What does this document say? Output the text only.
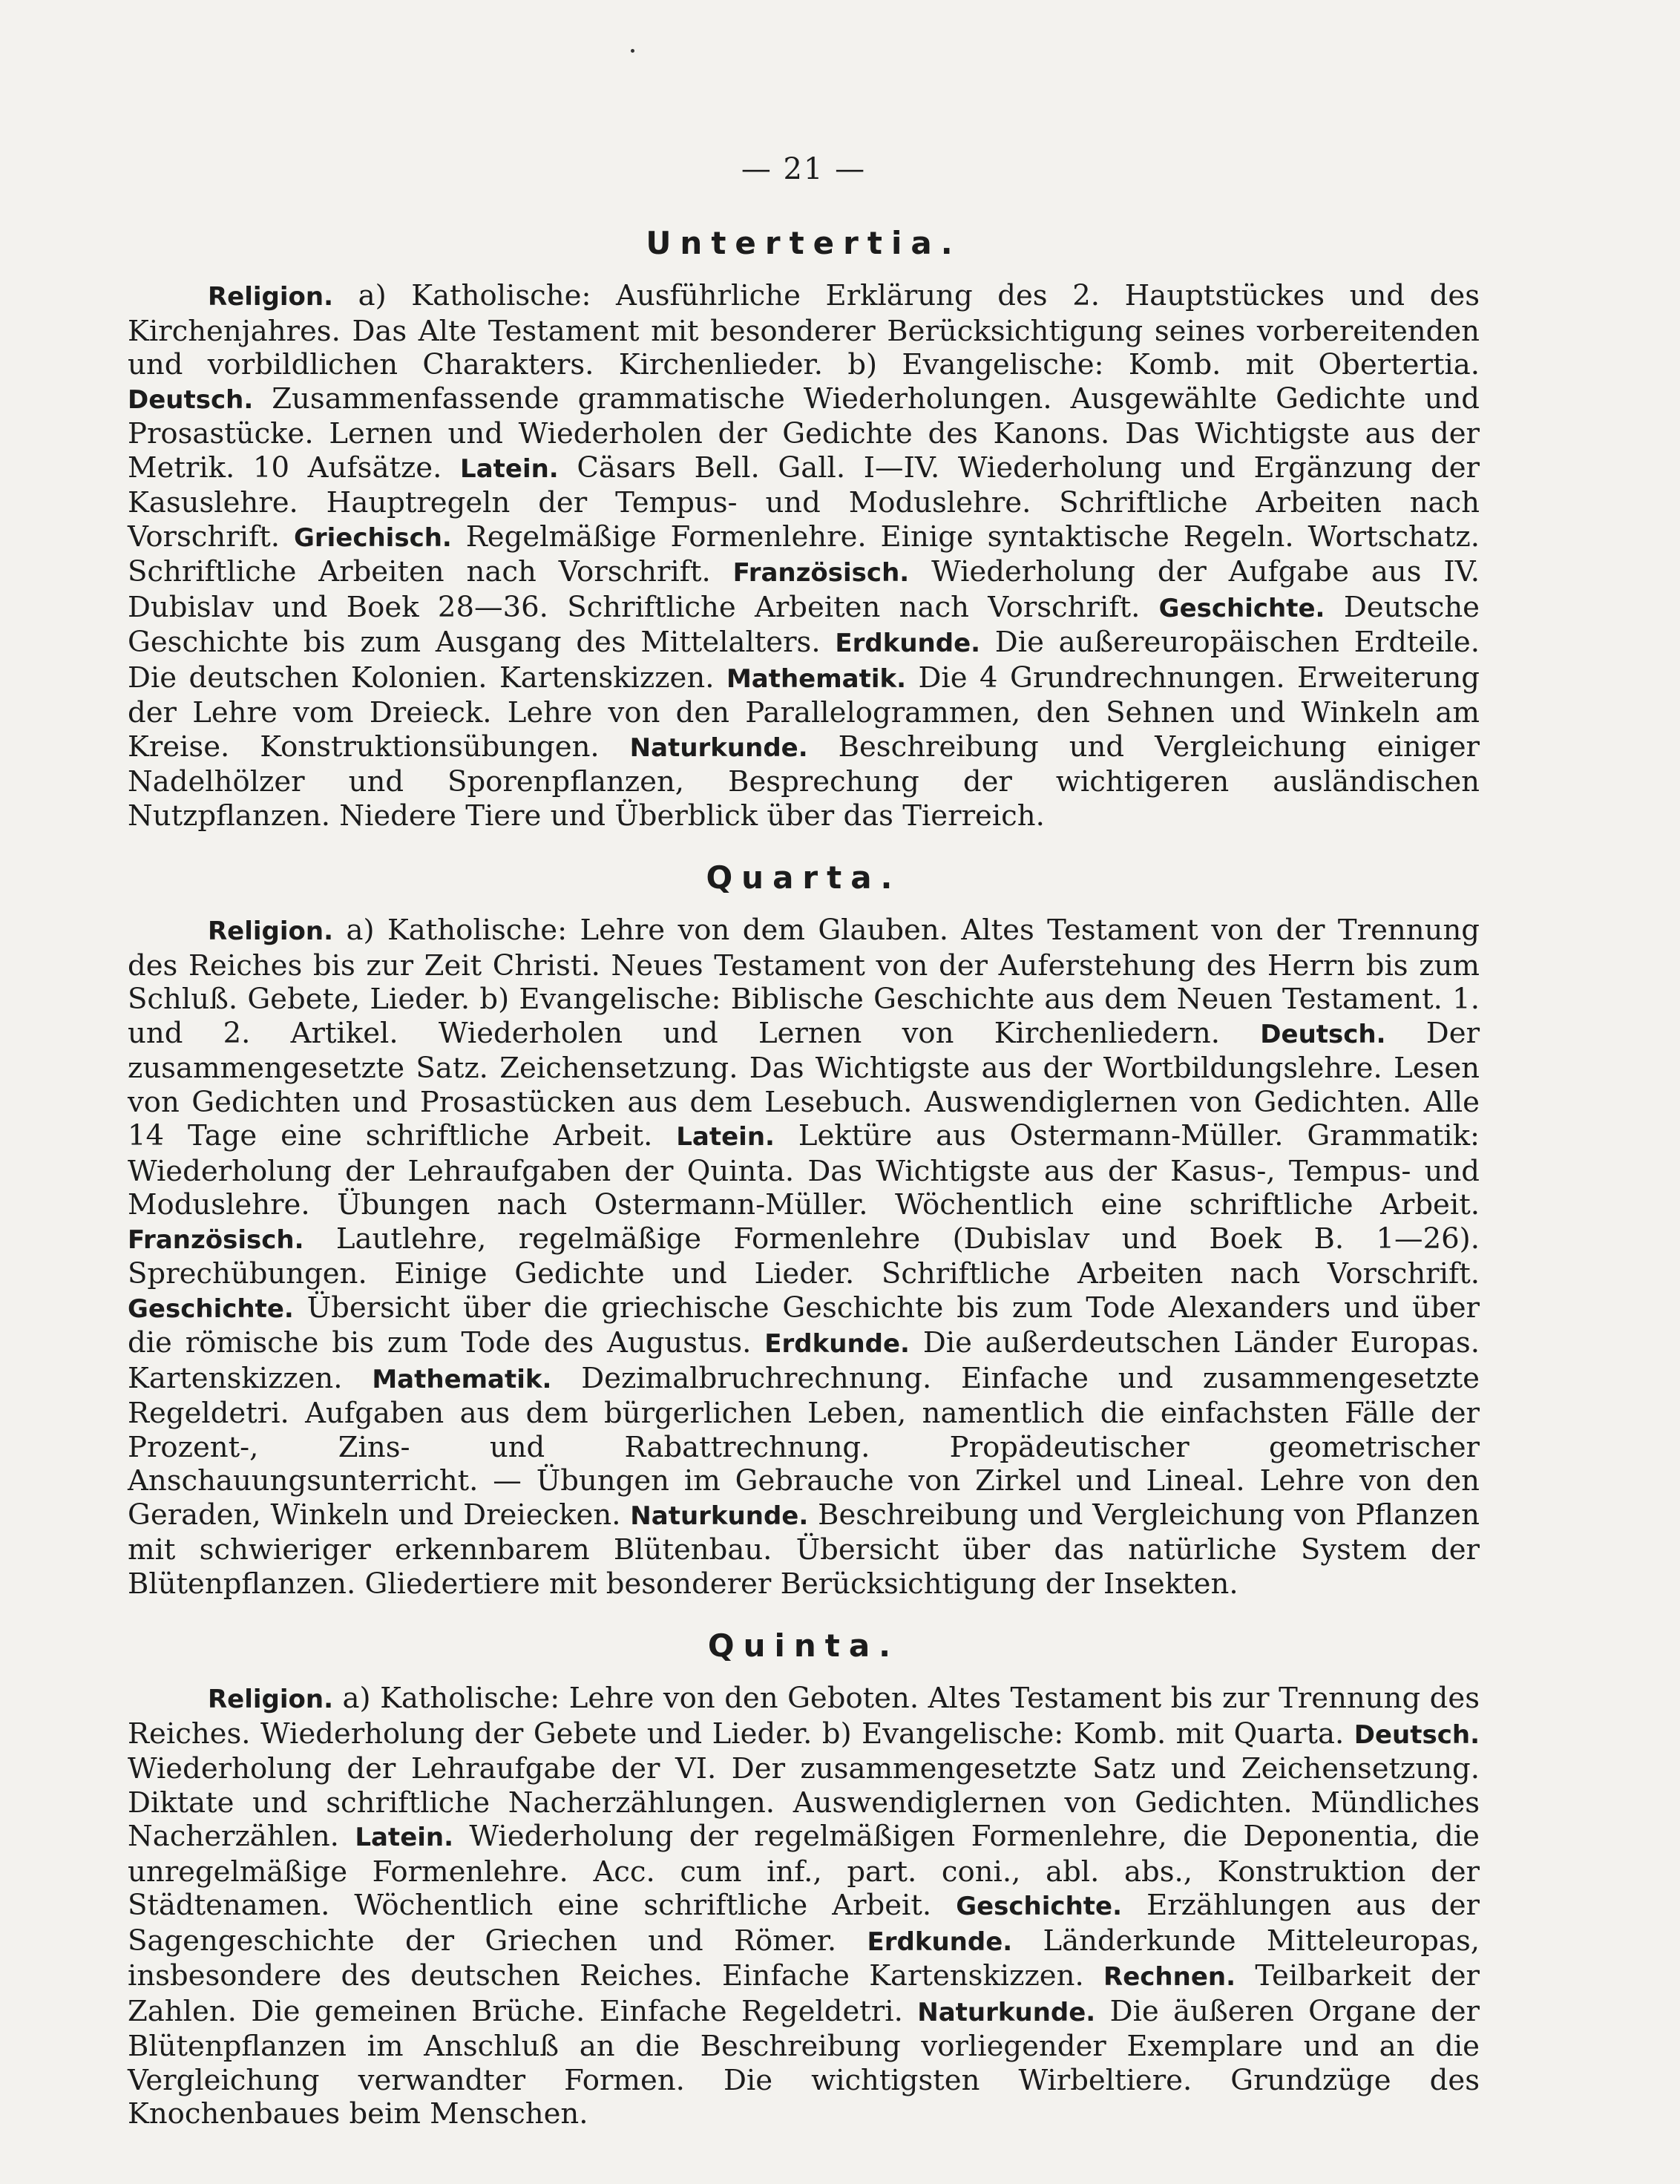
— 21 —
Untertertia.

Religion. a) Katholische: Ausführliche Erklärung des 2. Hauptstückes und des Kirchenjahres. Das Alte Testament mit besonderer Berücksichtigung seines vorbereitenden und vorbildlichen Charakters. Kirchenlieder. b) Evangelische: Komb. mit Obertertia. Deutsch. Zusammenfassende grammatische Wiederholungen. Ausgewählte Gedichte und Prosastücke. Lernen und Wiederholen der Gedichte des Kanons. Das Wichtigste aus der Metrik. 10 Aufsätze. Latein. Cäsars Bell. Gall. I—IV. Wiederholung und Ergänzung der Kasuslehre. Hauptregeln der Tempus- und Moduslehre. Schriftliche Arbeiten nach Vorschrift. Griechisch. Regelmäßige Formenlehre. Einige syntaktische Regeln. Wortschatz. Schriftliche Arbeiten nach Vorschrift. Französisch. Wiederholung der Aufgabe aus IV. Dubislav und Boek 28—36. Schriftliche Arbeiten nach Vorschrift. Geschichte. Deutsche Geschichte bis zum Ausgang des Mittelalters. Erdkunde. Die außereuropäischen Erdteile. Die deutschen Kolonien. Kartenskizzen. Mathematik. Die 4 Grundrechnungen. Erweiterung der Lehre vom Dreieck. Lehre von den Parallelogrammen, den Sehnen und Winkeln am Kreise. Konstruktionsübungen. Naturkunde. Beschreibung und Vergleichung einiger Nadelhölzer und Sporenpflanzen, Besprechung der wichtigeren ausländischen Nutzpflanzen. Niedere Tiere und Überblick über das Tierreich.

Quarta.

Religion. a) Katholische: Lehre von dem Glauben. Altes Testament von der Trennung des Reiches bis zur Zeit Christi. Neues Testament von der Auferstehung des Herrn bis zum Schluß. Gebete, Lieder. b) Evangelische: Biblische Geschichte aus dem Neuen Testament. 1. und 2. Artikel. Wiederholen und Lernen von Kirchenliedern. Deutsch. Der zusammengesetzte Satz. Zeichensetzung. Das Wichtigste aus der Wortbildungslehre. Lesen von Gedichten und Prosastücken aus dem Lesebuch. Auswendiglernen von Gedichten. Alle 14 Tage eine schriftliche Arbeit. Latein. Lektüre aus Ostermann-Müller. Grammatik: Wiederholung der Lehraufgaben der Quinta. Das Wichtigste aus der Kasus-, Tempus- und Moduslehre. Übungen nach Ostermann-Müller. Wöchentlich eine schriftliche Arbeit. Französisch. Lautlehre, regelmäßige Formenlehre (Dubislav und Boek B. 1—26). Sprechübungen. Einige Gedichte und Lieder. Schriftliche Arbeiten nach Vorschrift. Geschichte. Übersicht über die griechische Geschichte bis zum Tode Alexanders und über die römische bis zum Tode des Augustus. Erdkunde. Die außerdeutschen Länder Europas. Kartenskizzen. Mathematik. Dezimalbruchrechnung. Einfache und zusammengesetzte Regeldetri. Aufgaben aus dem bürgerlichen Leben, namentlich die einfachsten Fälle der Prozent-, Zins- und Rabattrechnung. Propädeutischer geometrischer Anschauungsunterricht. — Übungen im Gebrauche von Zirkel und Lineal. Lehre von den Geraden, Winkeln und Dreiecken. Naturkunde. Beschreibung und Vergleichung von Pflanzen mit schwieriger erkennbarem Blütenbau. Übersicht über das natürliche System der Blütenpflanzen. Gliedertiere mit besonderer Berücksichtigung der Insekten.

Quinta.

Religion. a) Katholische: Lehre von den Geboten. Altes Testament bis zur Trennung des Reiches. Wiederholung der Gebete und Lieder. b) Evangelische: Komb. mit Quarta. Deutsch. Wiederholung der Lehraufgabe der VI. Der zusammengesetzte Satz und Zeichensetzung. Diktate und schriftliche Nacherzählungen. Auswendiglernen von Gedichten. Mündliches Nacherzählen. Latein. Wiederholung der regelmäßigen Formenlehre, die Deponentia, die unregelmäßige Formenlehre. Acc. cum inf., part. coni., abl. abs., Konstruktion der Städtenamen. Wöchentlich eine schriftliche Arbeit. Geschichte. Erzählungen aus der Sagengeschichte der Griechen und Römer. Erdkunde. Länderkunde Mitteleuropas, insbesondere des deutschen Reiches. Einfache Kartenskizzen. Rechnen. Teilbarkeit der Zahlen. Die gemeinen Brüche. Einfache Regeldetri. Naturkunde. Die äußeren Organe der Blütenpflanzen im Anschluß an die Beschreibung vorliegender Exemplare und an die Vergleichung verwandter Formen. Die wichtigsten Wirbeltiere. Grundzüge des Knochenbaues beim Menschen.
